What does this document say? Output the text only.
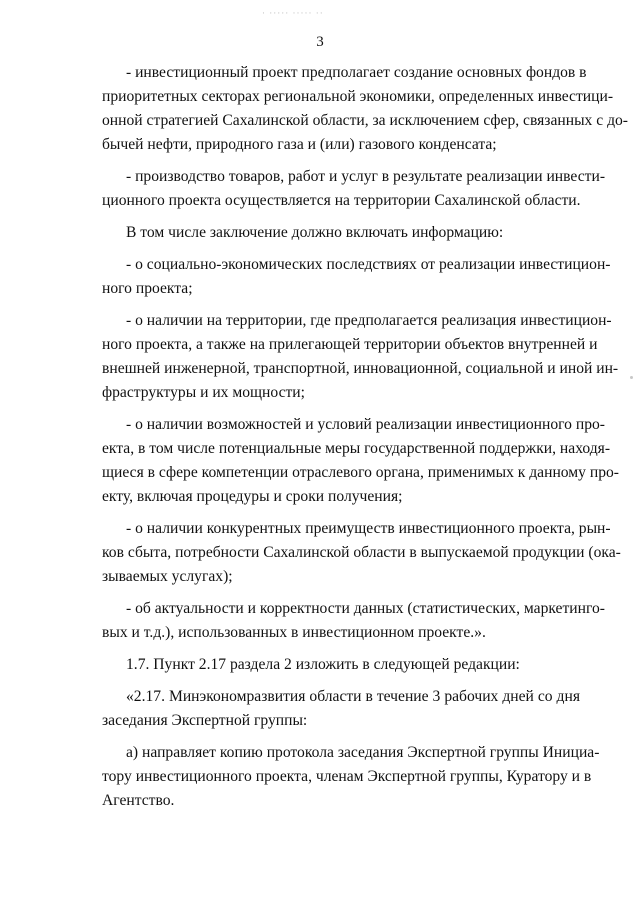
· ····· ····· ··
3
- инвестиционный проект предполагает создание основных фондов в
приоритетных секторах региональной экономики, определенных инвестици-
онной стратегией Сахалинской области, за исключением сфер, связанных с до-
бычей нефти, природного газа и (или) газового конденсата;
- производство товаров, работ и услуг в результате реализации инвести-
ционного проекта осуществляется на территории Сахалинской области.
В том числе заключение должно включать информацию:
- о социально-экономических последствиях от реализации инвестицион-
ного проекта;
- о наличии на территории, где предполагается реализация инвестицион-
ного проекта, а также на прилегающей территории объектов внутренней и
внешней инженерной, транспортной, инновационной, социальной и иной ин-
фраструктуры и их мощности;
- о наличии возможностей и условий реализации инвестиционного про-
екта, в том числе потенциальные меры государственной поддержки, находя-
щиеся в сфере компетенции отраслевого органа, применимых к данному про-
екту, включая процедуры и сроки получения;
- о наличии конкурентных преимуществ инвестиционного проекта, рын-
ков сбыта, потребности Сахалинской области в выпускаемой продукции (ока-
зываемых услугах);
- об актуальности и корректности данных (статистических, маркетинго-
вых и т.д.), использованных в инвестиционном проекте.».
1.7. Пункт 2.17 раздела 2 изложить в следующей редакции:
«2.17. Минэкономразвития области в течение 3 рабочих дней со дня
заседания Экспертной группы:
а) направляет копию протокола заседания Экспертной группы Инициа-
тору инвестиционного проекта, членам Экспертной группы, Куратору и в
Агентство.
